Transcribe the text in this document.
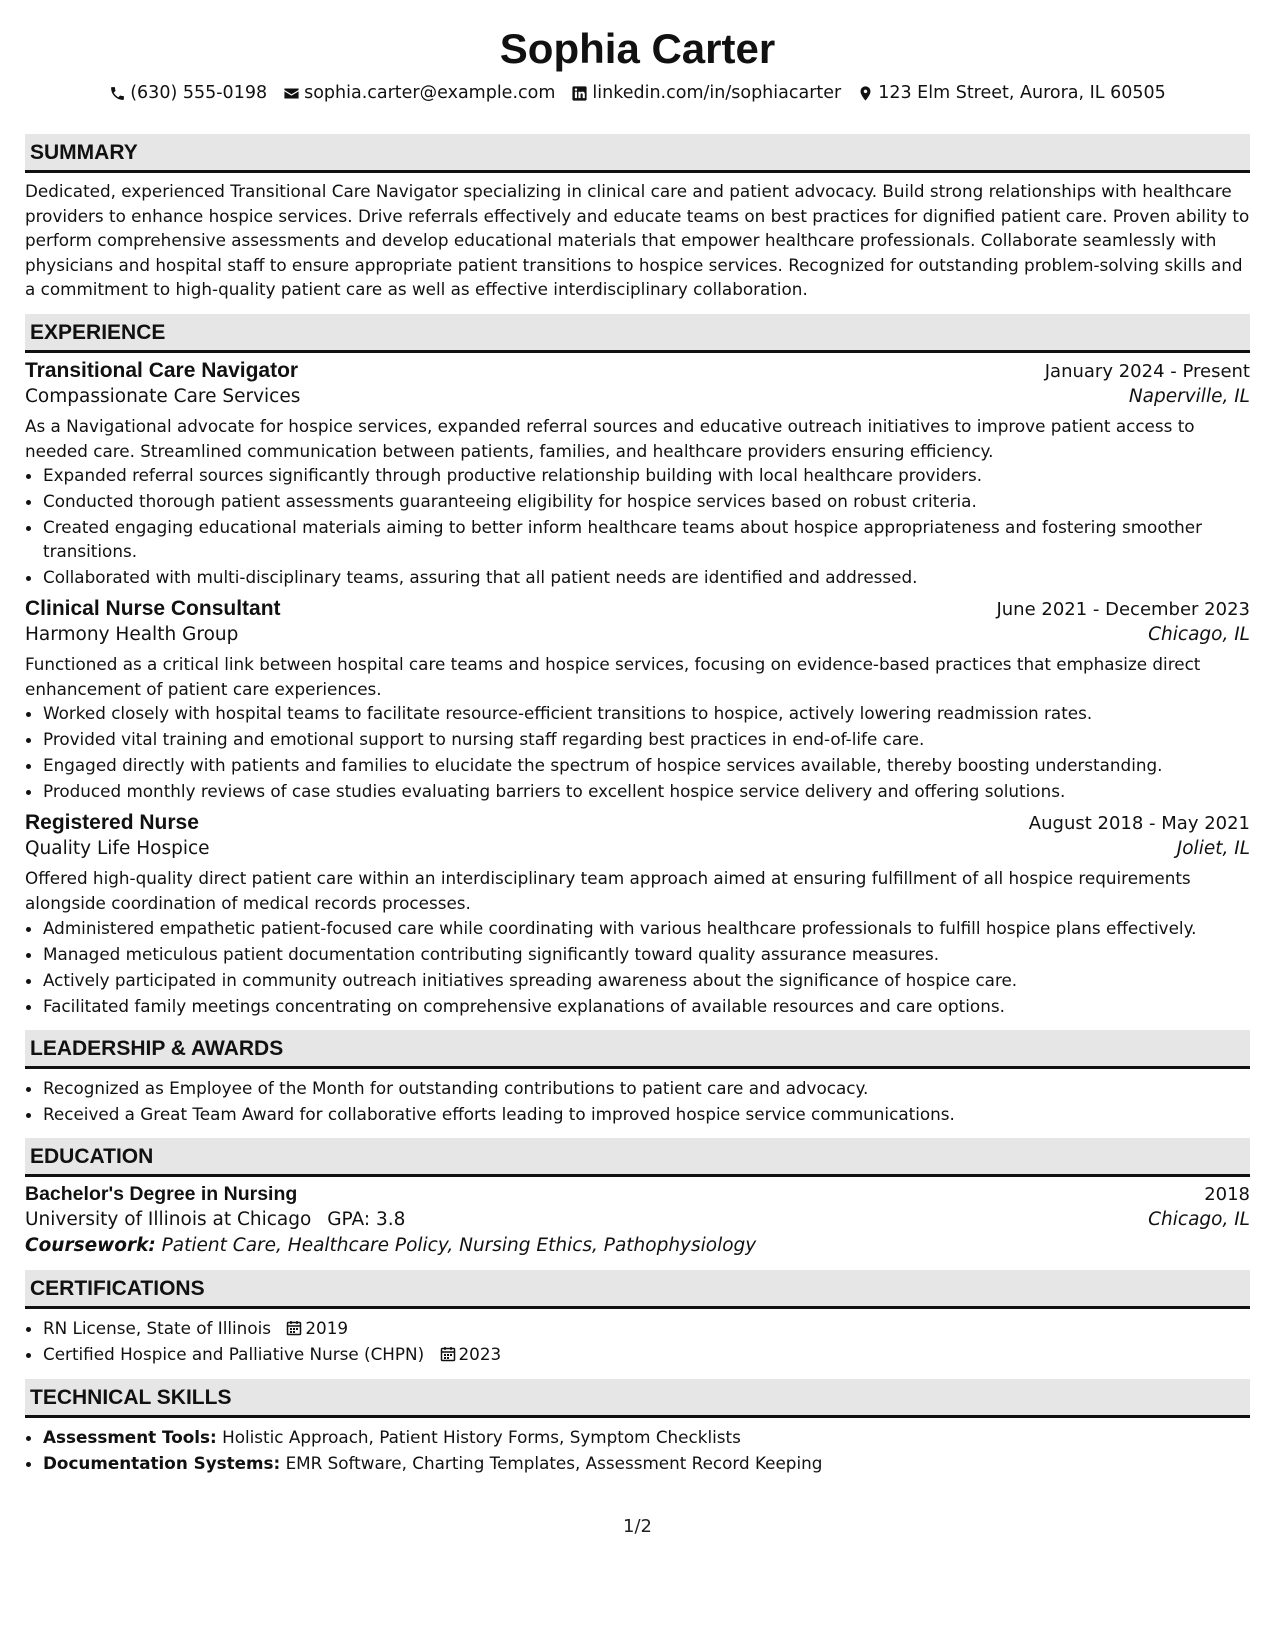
Sophia Carter
(630) 555-0198 sophia.carter@example.com linkedin.com/in/sophiacarter 123 Elm Street, Aurora, IL 60505
SUMMARY

Dedicated, experienced Transitional Care Navigator specializing in clinical care and patient advocacy. Build strong relationships with healthcare providers to enhance hospice services. Drive referrals effectively and educate teams on best practices for dignified patient care. Proven ability to perform comprehensive assessments and develop educational materials that empower healthcare professionals. Collaborate seamlessly with physicians and hospital staff to ensure appropriate patient transitions to hospice services. Recognized for outstanding problem-solving skills and a commitment to high-quality patient care as well as effective interdisciplinary collaboration.

EXPERIENCE
Transitional Care Navigator	January 2024 - Present
Compassionate Care Services	Naperville, IL

As a Navigational advocate for hospice services, expanded referral sources and educative outreach initiatives to improve patient access to needed care. Streamlined communication between patients, families, and healthcare providers ensuring efficiency.

• Expanded referral sources significantly through productive relationship building with local healthcare providers.
• Conducted thorough patient assessments guaranteeing eligibility for hospice services based on robust criteria.
• Created engaging educational materials aiming to better inform healthcare teams about hospice appropriateness and fostering smoother transitions.
• Collaborated with multi-disciplinary teams, assuring that all patient needs are identified and addressed.
Clinical Nurse Consultant	June 2021 - December 2023
Harmony Health Group	Chicago, IL

Functioned as a critical link between hospital care teams and hospice services, focusing on evidence-based practices that emphasize direct enhancement of patient care experiences.

• Worked closely with hospital teams to facilitate resource-efficient transitions to hospice, actively lowering readmission rates.
• Provided vital training and emotional support to nursing staff regarding best practices in end-of-life care.
• Engaged directly with patients and families to elucidate the spectrum of hospice services available, thereby boosting understanding.
• Produced monthly reviews of case studies evaluating barriers to excellent hospice service delivery and offering solutions.
Registered Nurse	August 2018 - May 2021
Quality Life Hospice	Joliet, IL

Offered high-quality direct patient care within an interdisciplinary team approach aimed at ensuring fulfillment of all hospice requirements alongside coordination of medical records processes.

• Administered empathetic patient-focused care while coordinating with various healthcare professionals to fulfill hospice plans effectively.
• Managed meticulous patient documentation contributing significantly toward quality assurance measures.
• Actively participated in community outreach initiatives spreading awareness about the significance of hospice care.
• Facilitated family meetings concentrating on comprehensive explanations of available resources and care options.
LEADERSHIP & AWARDS
• Recognized as Employee of the Month for outstanding contributions to patient care and advocacy.
• Received a Great Team Award for collaborative efforts leading to improved hospice service communications.
EDUCATION
Bachelor's Degree in Nursing	2018
University of Illinois at Chicago GPA: 3.8	Chicago, IL
Coursework: Patient Care, Healthcare Policy, Nursing Ethics, Pathophysiology
CERTIFICATIONS
• RN License, State of Illinois 2019
• Certified Hospice and Palliative Nurse (CHPN) 2023
TECHNICAL SKILLS
• Assessment Tools: Holistic Approach, Patient History Forms, Symptom Checklists
• Documentation Systems: EMR Software, Charting Templates, Assessment Record Keeping
1/2
